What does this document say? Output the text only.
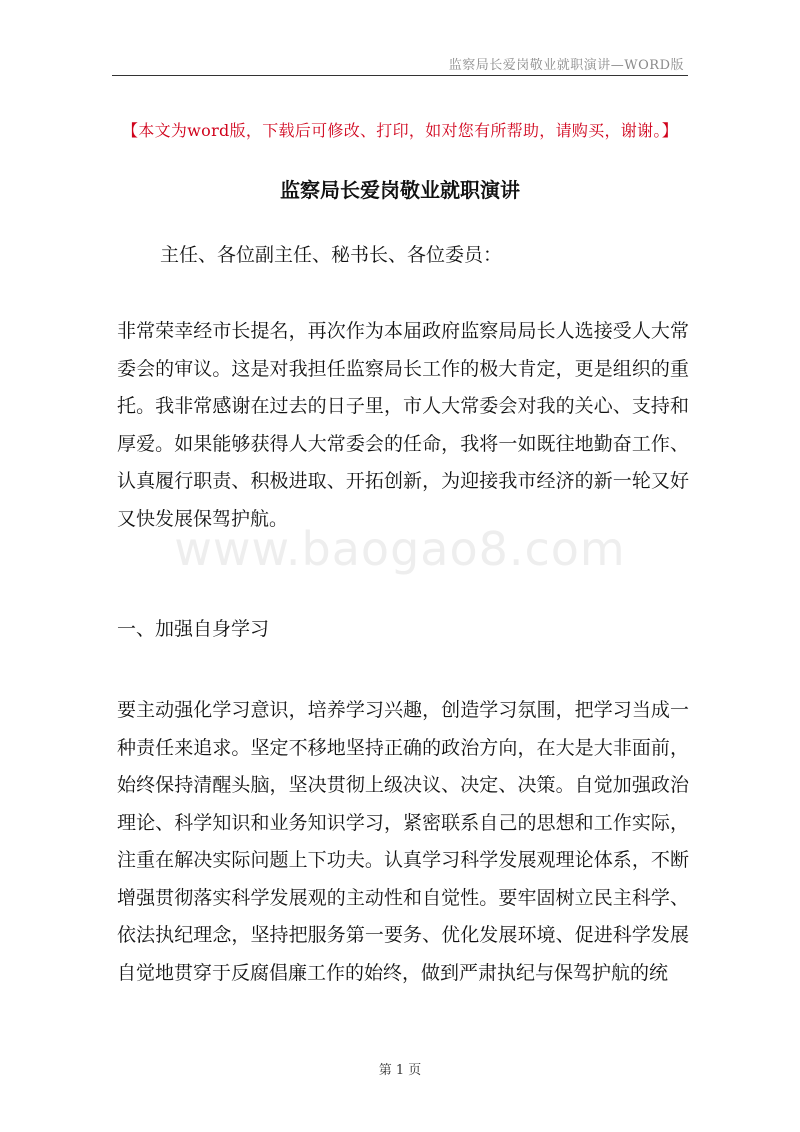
监察局长爱岗敬业就职演讲—WORD版
【本文为word版，下载后可修改、打印，如对您有所帮助，请购买，谢谢。】
监察局长爱岗敬业就职演讲
主任、各位副主任、秘书长、各位委员：

非常荣幸经市长提名，再次作为本届政府监察局局长人选接受人大常委会的审议。这是对我担任监察局长工作的极大肯定，更是组织的重托。我非常感谢在过去的日子里，市人大常委会对我的关心、支持和厚爱。如果能够获得人大常委会的任命，我将一如既往地勤奋工作、认真履行职责、积极进取、开拓创新，为迎接我市经济的新一轮又好又快发展保驾护航。

www.baogao8.com
一、加强自身学习

要主动强化学习意识，培养学习兴趣，创造学习氛围，把学习当成一种责任来追求。坚定不移地坚持正确的政治方向，在大是大非面前，始终保持清醒头脑，坚决贯彻上级决议、决定、决策。自觉加强政治理论、科学知识和业务知识学习，紧密联系自己的思想和工作实际，注重在解决实际问题上下功夫。认真学习科学发展观理论体系，不断增强贯彻落实科学发展观的主动性和自觉性。要牢固树立民主科学、依法执纪理念，坚持把服务第一要务、优化发展环境、促进科学发展自觉地贯穿于反腐倡廉工作的始终，做到严肃执纪与保驾护航的统

第 1 页
